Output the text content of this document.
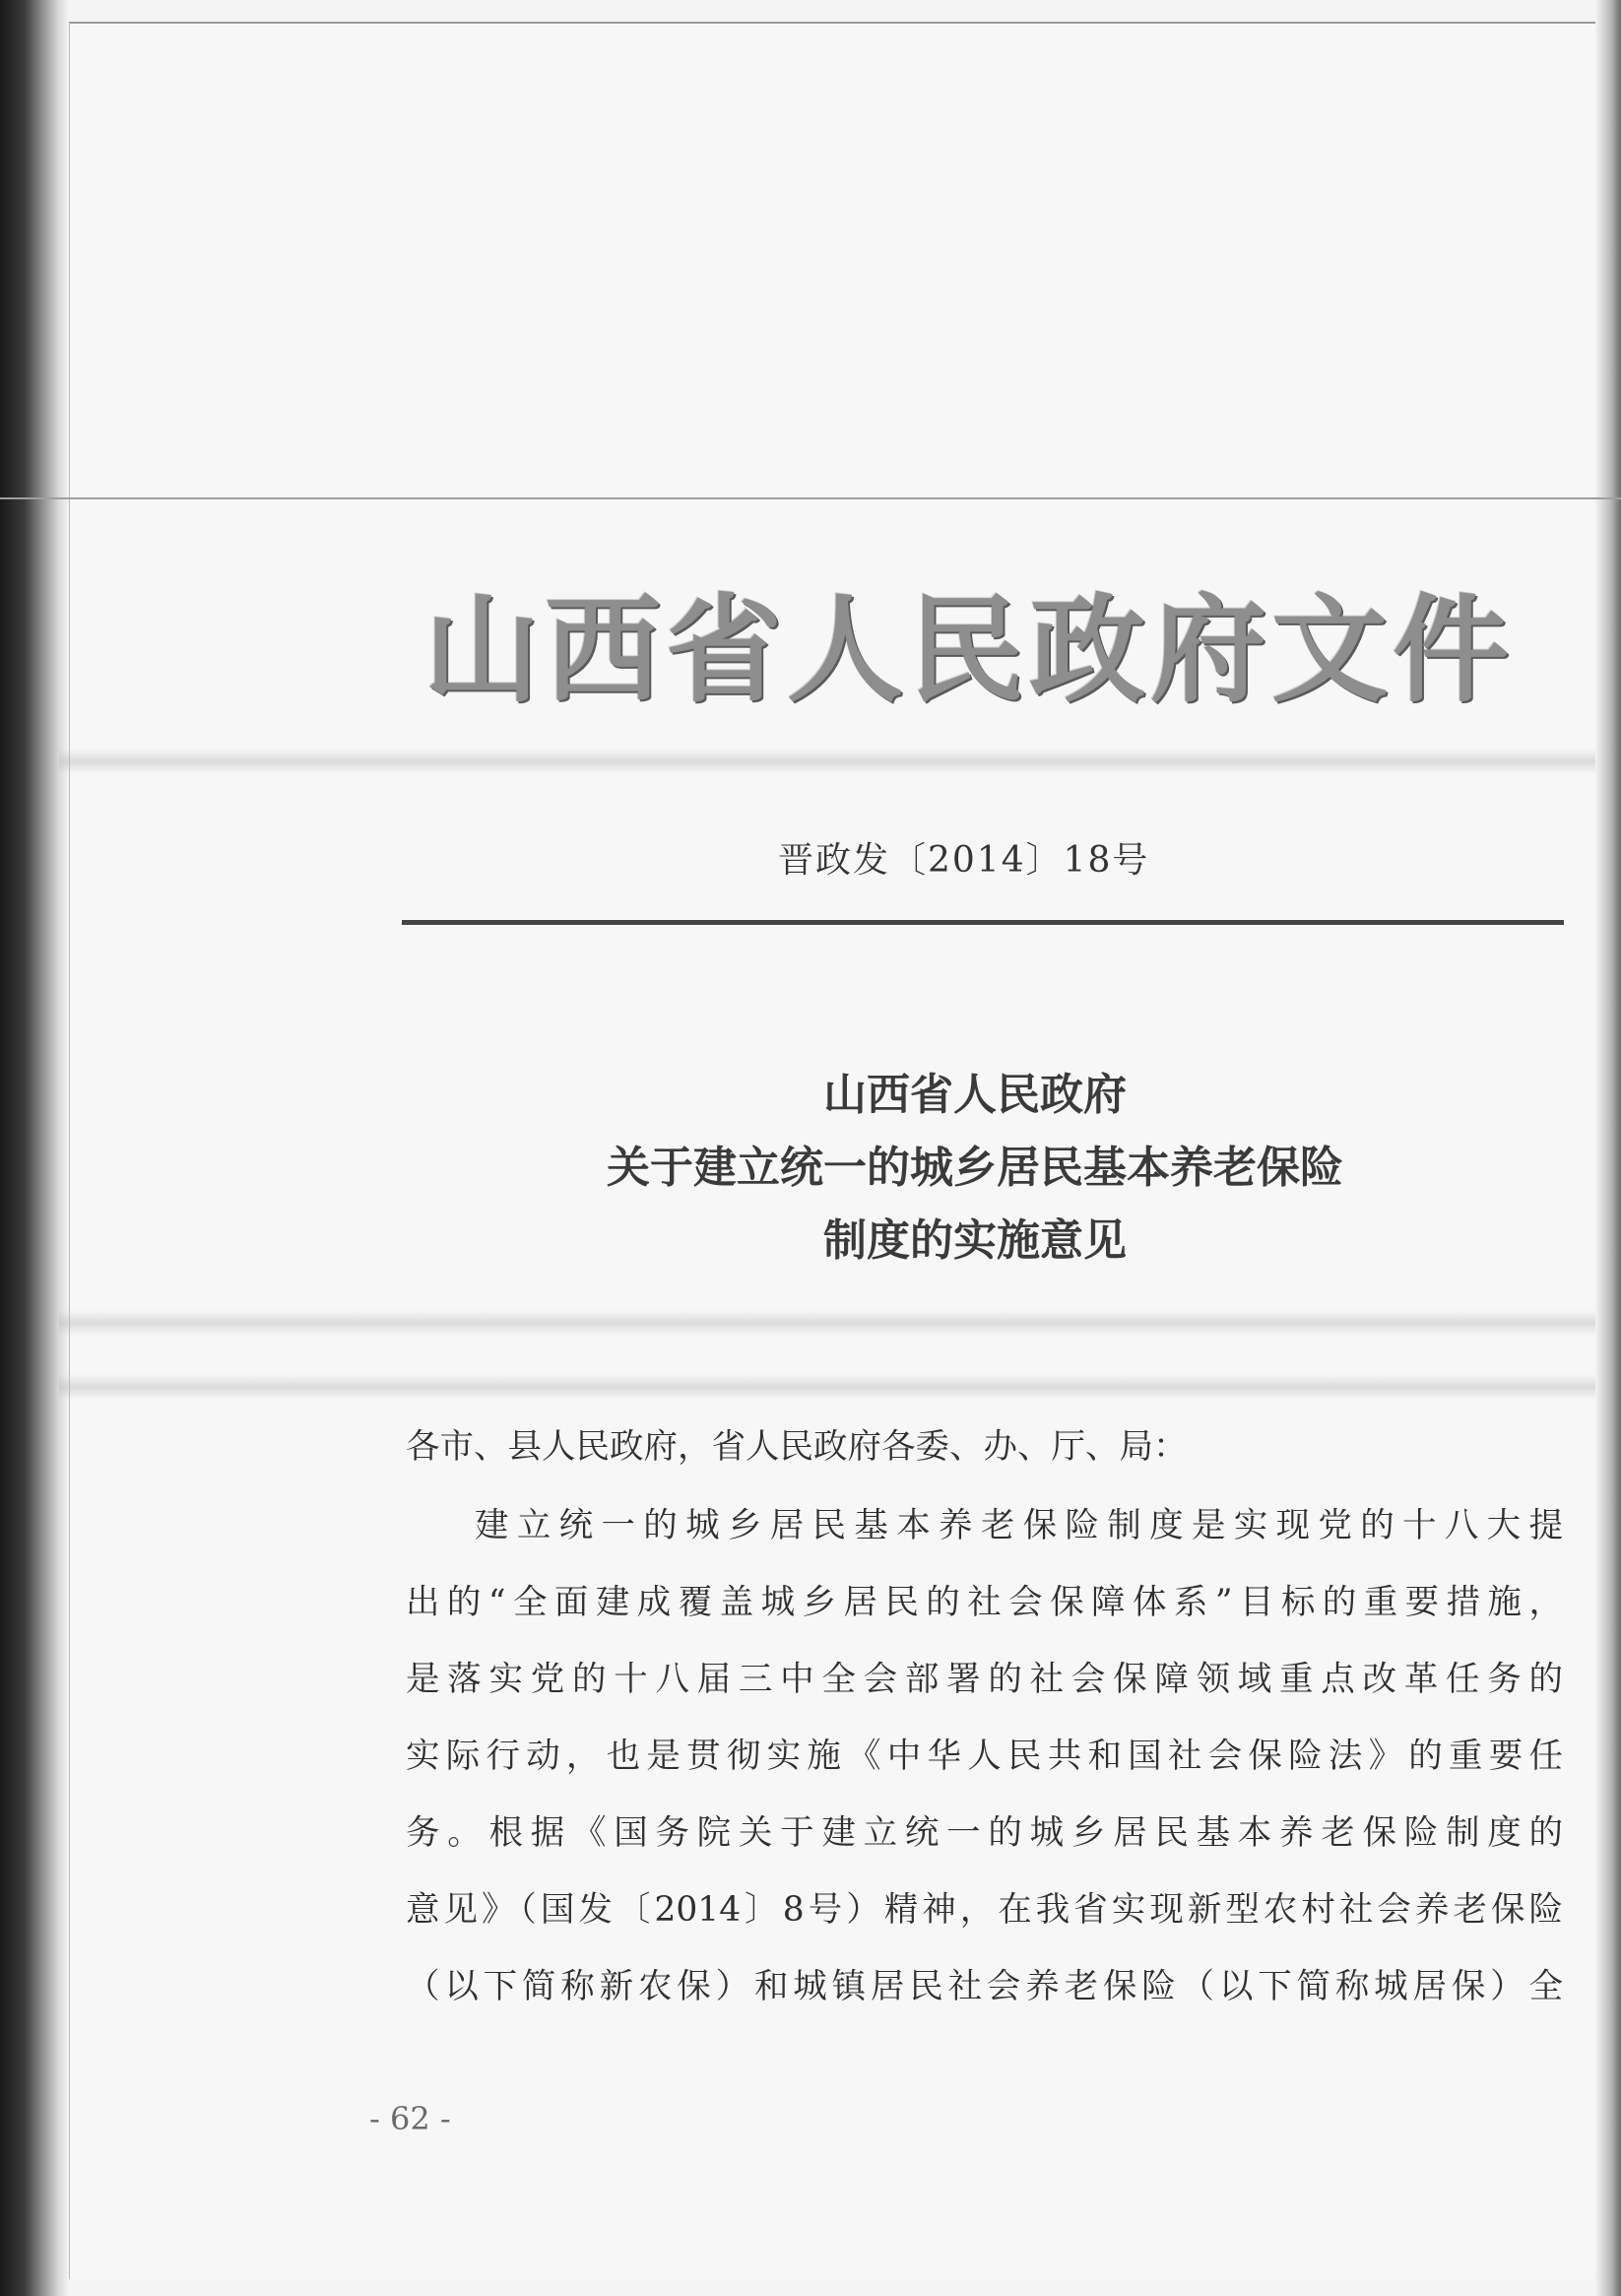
山西省人民政府文件
晋政发〔2014〕18号
山西省人民政府
关于建立统一的城乡居民基本养老保险
制度的实施意见
各市、县人民政府，省人民政府各委、办、厅、局：
建立统一的城乡居民基本养老保险制度是实现党的十八大提
出的“全面建成覆盖城乡居民的社会保障体系”目标的重要措施，
是落实党的十八届三中全会部署的社会保障领域重点改革任务的
实际行动，也是贯彻实施《中华人民共和国社会保险法》的重要任
务。根据《国务院关于建立统一的城乡居民基本养老保险制度的
意见》（国发〔2014〕8号）精神，在我省实现新型农村社会养老保险
（以下简称新农保）和城镇居民社会养老保险（以下简称城居保）全
- 62 -
